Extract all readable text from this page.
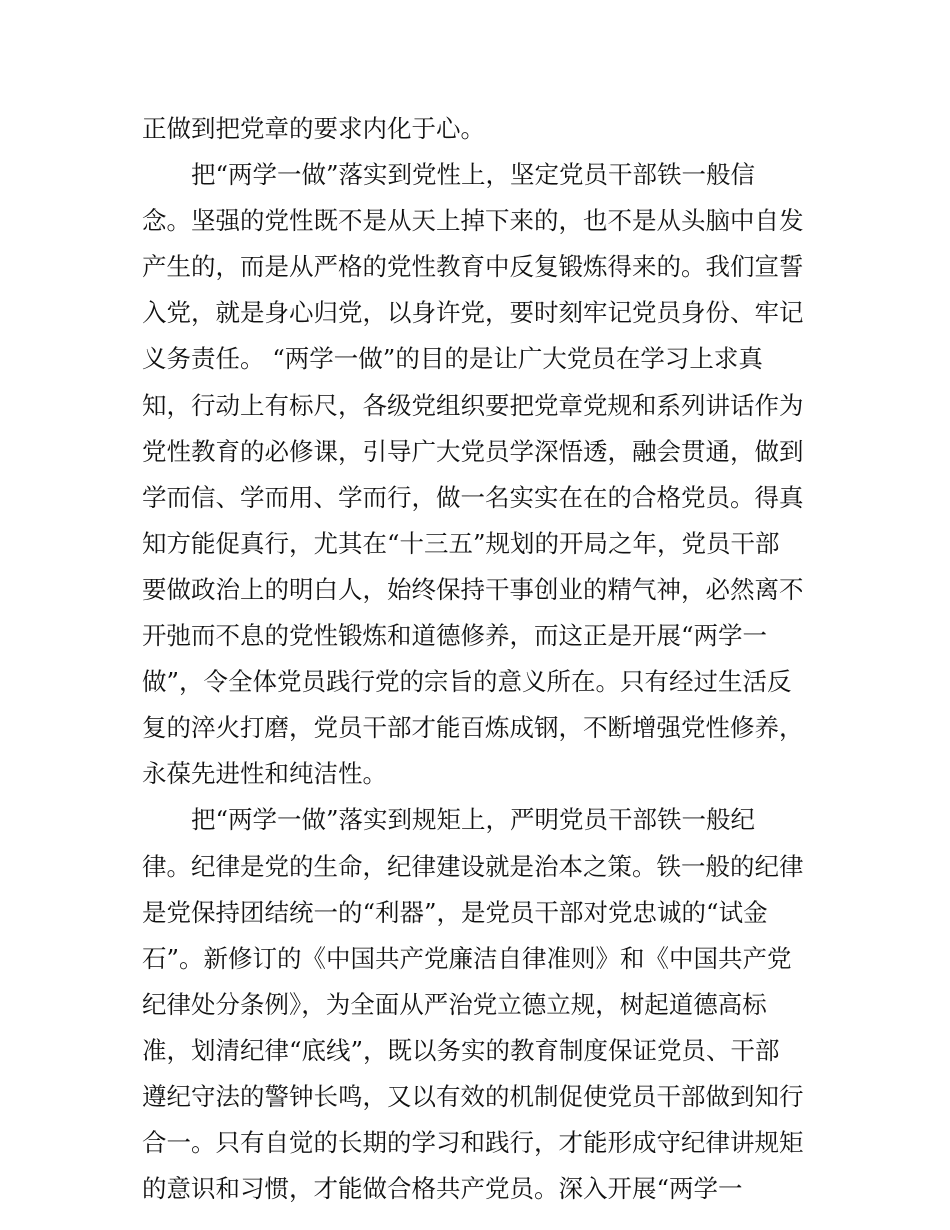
正做到把党章的要求内化于心。
把“两学一做”落实到党性上，坚定党员干部铁一般信
念。坚强的党性既不是从天上掉下来的，也不是从头脑中自发
产生的，而是从严格的党性教育中反复锻炼得来的。我们宣誓
入党，就是身心归党，以身许党，要时刻牢记党员身份、牢记
义务责任。 “两学一做”的目的是让广大党员在学习上求真
知，行动上有标尺，各级党组织要把党章党规和系列讲话作为
党性教育的必修课，引导广大党员学深悟透，融会贯通，做到
学而信、学而用、学而行，做一名实实在在的合格党员。得真
知方能促真行，尤其在“十三五”规划的开局之年，党员干部
要做政治上的明白人，始终保持干事创业的精气神，必然离不
开弛而不息的党性锻炼和道德修养，而这正是开展“两学一
做”，令全体党员践行党的宗旨的意义所在。只有经过生活反
复的淬火打磨，党员干部才能百炼成钢，不断增强党性修养，
永葆先进性和纯洁性。
把“两学一做”落实到规矩上，严明党员干部铁一般纪
律。纪律是党的生命，纪律建设就是治本之策。铁一般的纪律
是党保持团结统一的“利器”，是党员干部对党忠诚的“试金
石”。新修订的《中国共产党廉洁自律准则》和《中国共产党
纪律处分条例》，为全面从严治党立德立规，树起道德高标
准，划清纪律“底线”，既以务实的教育制度保证党员、干部
遵纪守法的警钟长鸣，又以有效的机制促使党员干部做到知行
合一。只有自觉的长期的学习和践行，才能形成守纪律讲规矩
的意识和习惯，才能做合格共产党员。深入开展“两学一
